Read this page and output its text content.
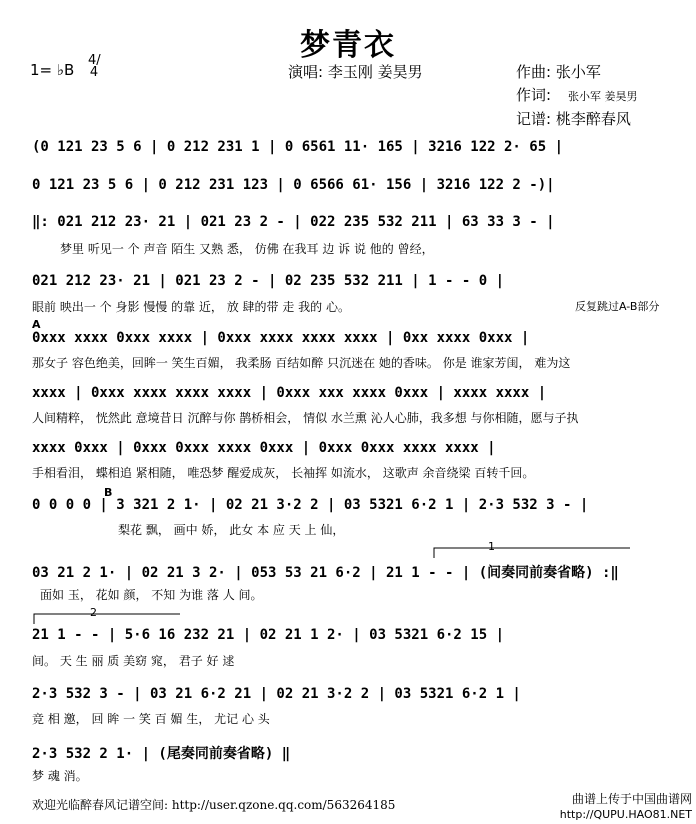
梦青衣
1= ♭B
4/4	演唱: 李玉刚 姜昊男	作曲: 张小军
作词: 张小军 姜昊男
记谱: 桃李醉春风
(0 121 23 5 6 | 0 212 231 1 | 0 6561 11· 165 | 3216 122 2· 65 |
0 121 23 5 6 | 0 212 231 123 | 0 6566 61· 156 | 3216 122 2 -)|
‖: 021 212 23· 21 | 021 23 2 - | 022 235 532 211 | 63 33 3 - |
梦里 听见一 个 声音 陌生 又熟 悉， 仿佛 在我耳 边 诉 说 他的 曾经，
021 212 23· 21 | 021 23 2 - | 02 235 532 211 | 1 - - 0 |
眼前 映出一 个 身影 慢慢 的靠 近， 放 肆的带 走 我的 心。	反复跳过A-B部分
A
0xxx xxxx 0xxx xxxx | 0xxx xxxx xxxx xxxx | 0xx xxxx 0xxx |
那女子 容色绝美，回眸一 笑生百媚， 我柔肠 百结如醉 只沉迷在 她的香味。 你是 谁家芳闺， 难为这
xxxx | 0xxx xxxx xxxx xxxx | 0xxx xxx xxxx 0xxx | xxxx xxxx |
人间精粹， 恍然此 意境昔日 沉醉与你 鹊桥相会， 情似 水兰熏 沁人心肺，我多想 与你相随，愿与子执
xxxx 0xxx | 0xxx 0xxx xxxx 0xxx | 0xxx 0xxx xxxx xxxx |
手相看泪， 蝶相追 紧相随， 唯恐梦 醒爱成灰， 长袖挥 如流水， 这歌声 余音绕梁 百转千回。
B
0 0 0 0 | 3 321 2 1· | 02 21 3·2 2 | 03 5321 6·2 1 | 2·3 532 3 - |
梨花 飘， 画中 娇， 此女 本 应 天 上 仙，
1
03 21 2 1· | 02 21 3 2· | 053 53 21 6·2 | 21 1 - - | (间奏同前奏省略) :‖
面如 玉， 花如 颜， 不知 为谁 落 人 间。
2
21 1 - - | 5·6 16 232 21 | 02 21 1 2· | 03 5321 6·2 15 |
间。 天 生 丽 质 美窈 窕， 君子 好 逑
2·3 532 3 - | 03 21 6·2 21 | 02 21 3·2 2 | 03 5321 6·2 1 |
竞 相 邀， 回 眸 一 笑 百 媚 生， 尤记 心 头
2·3 532 2 1· | (尾奏同前奏省略) ‖
梦 魂 消。
欢迎光临醉春风记谱空间: http://user.qzone.qq.com/563264185	曲谱上传于中国曲谱网
http://QUPU.HAO81.NET
